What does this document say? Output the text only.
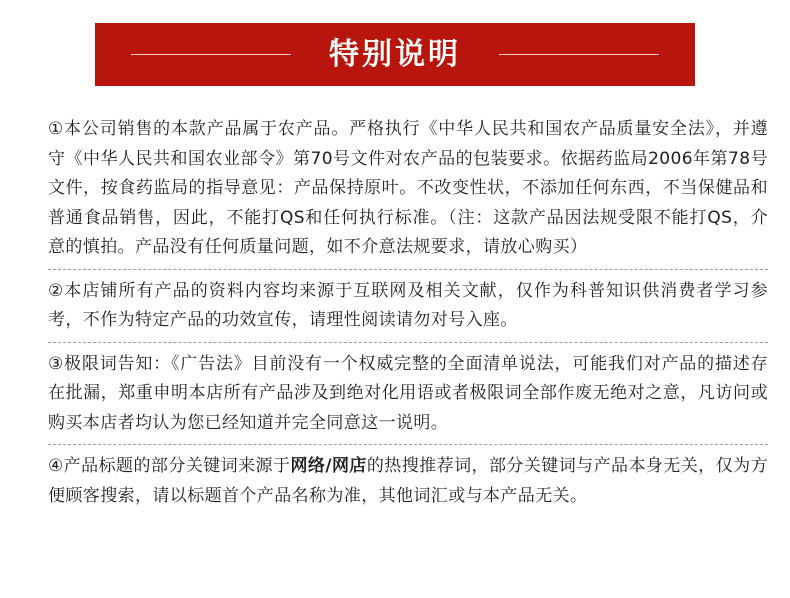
特别说明
①本公司销售的本款产品属于农产品。严格执行《中华人民共和国农产品质量安全法》，并遵守《中华人民共和国农业部令》第70号文件对农产品的包装要求。依据药监局2006年第78号文件，按食药监局的指导意见：产品保持原叶。不改变性状，不添加任何东西，不当保健品和普通食品销售，因此，不能打QS和任何执行标准。（注：这款产品因法规受限不能打QS，介意的慎拍。产品没有任何质量问题，如不介意法规要求，请放心购买）
②本店铺所有产品的资料内容均来源于互联网及相关文献，仅作为科普知识供消费者学习参考，不作为特定产品的功效宣传，请理性阅读请勿对号入座。
③极限词告知：《广告法》目前没有一个权威完整的全面清单说法，可能我们对产品的描述存在批漏，郑重申明本店所有产品涉及到绝对化用语或者极限词全部作废无绝对之意，凡访问或购买本店者均认为您已经知道并完全同意这一说明。
④产品标题的部分关键词来源于网络/网店的热搜推荐词，部分关键词与产品本身无关，仅为方便顾客搜索，请以标题首个产品名称为准，其他词汇或与本产品无关。
